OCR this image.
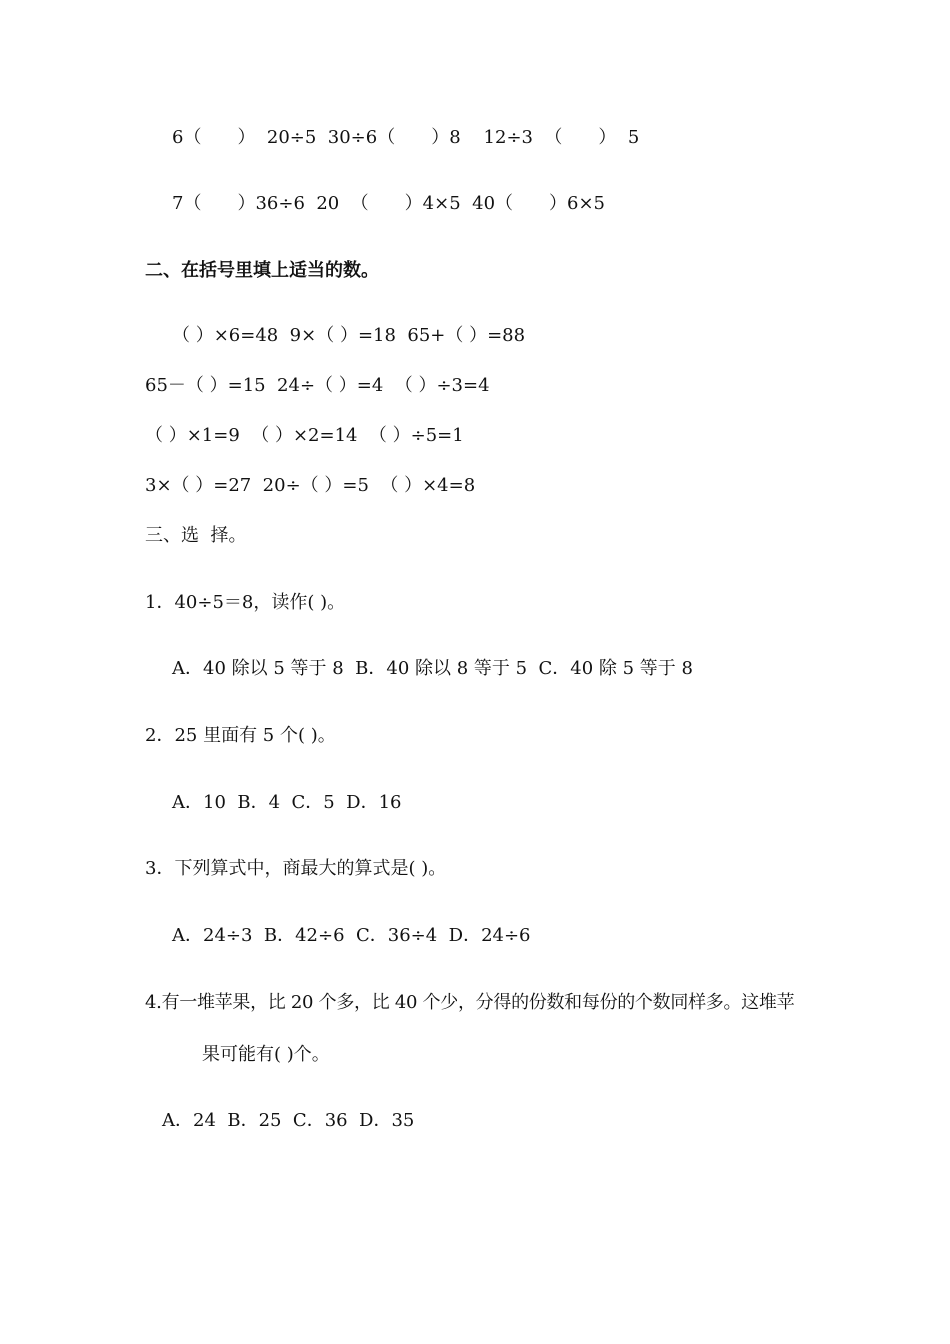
6（　　）  20÷5  30÷6（　　）8    12÷3  （　　）  5
7（　　）36÷6  20  （　　）4×5  40（　　）6×5
二、在括号里填上适当的数。
（ ）×6=48  9×（ ）=18  65+（ ）=88
65－（ ）=15  24÷（ ）=4  （ ）÷3=4
（ ）×1=9  （ ）×2=14  （ ）÷5=1
3×（ ）=27  20÷（ ）=5  （ ）×4=8
三、选  择。
1．40÷5＝8，读作( )。
A．40 除以 5 等于 8  B．40 除以 8 等于 5  C．40 除 5 等于 8
2．25 里面有 5 个( )。
A．10  B．4  C．5  D．16
3．下列算式中，商最大的算式是( )。
A．24÷3  B．42÷6  C．36÷4  D．24÷6
4.有一堆苹果，比 20 个多，比 40 个少，分得的份数和每份的个数同样多。这堆苹
果可能有( )个。
A．24  B．25  C．36  D．35
